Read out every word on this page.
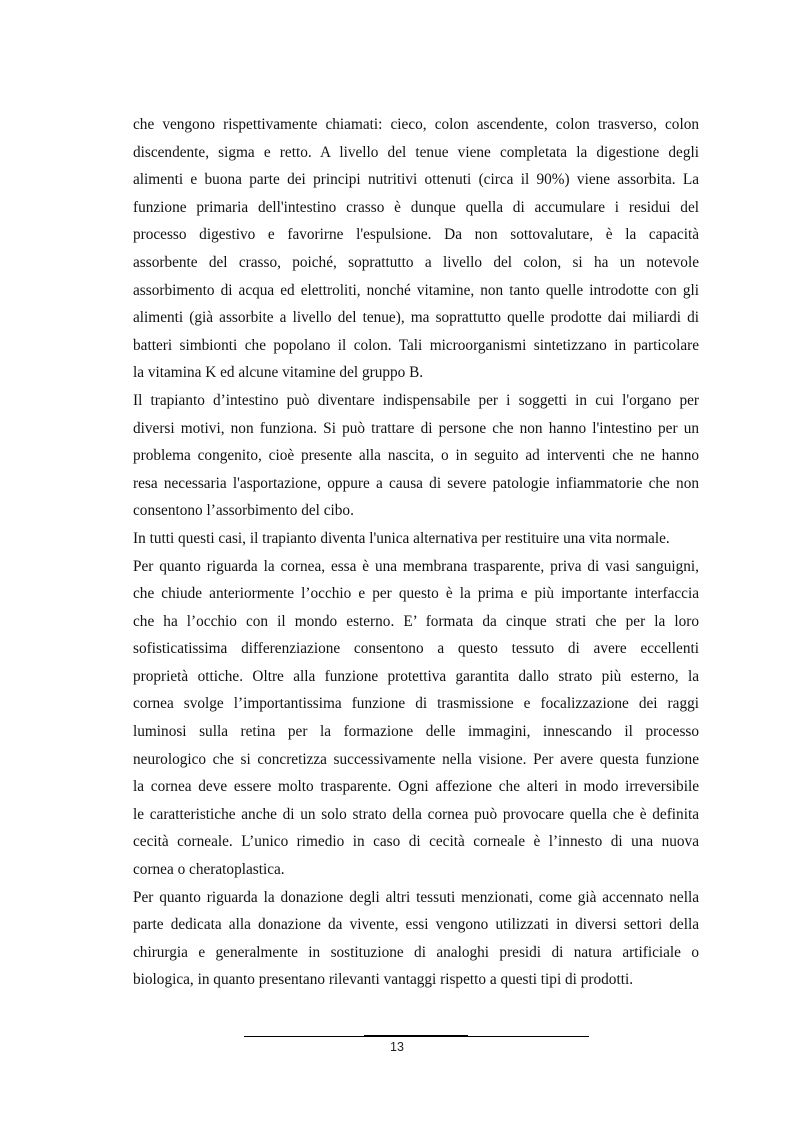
che vengono rispettivamente chiamati: cieco, colon ascendente, colon trasverso, colon
discendente, sigma e retto. A livello del tenue viene completata la digestione degli
alimenti e buona parte dei principi nutritivi ottenuti (circa il 90%) viene assorbita. La
funzione primaria dell'intestino crasso è dunque quella di accumulare i residui del
processo digestivo e favorirne l'espulsione. Da non sottovalutare, è la capacità
assorbente del crasso, poiché, soprattutto a livello del colon, si ha un notevole
assorbimento di acqua ed elettroliti, nonché vitamine, non tanto quelle introdotte con gli
alimenti (già assorbite a livello del tenue), ma soprattutto quelle prodotte dai miliardi di
batteri simbionti che popolano il colon. Tali microorganismi sintetizzano in particolare
la vitamina K ed alcune vitamine del gruppo B.
Il trapianto d’intestino può diventare indispensabile per i soggetti in cui l'organo per
diversi motivi, non funziona. Si può trattare di persone che non hanno l'intestino per un
problema congenito, cioè presente alla nascita, o in seguito ad interventi che ne hanno
resa necessaria l'asportazione, oppure a causa di severe patologie infiammatorie che non
consentono l’assorbimento del cibo.
In tutti questi casi, il trapianto diventa l'unica alternativa per restituire una vita normale.
Per quanto riguarda la cornea, essa è una membrana trasparente, priva di vasi sanguigni,
che chiude anteriormente l’occhio e per questo è la prima e più importante interfaccia
che ha l’occhio con il mondo esterno. E’ formata da cinque strati che per la loro
sofisticatissima differenziazione consentono a questo tessuto di avere eccellenti
proprietà ottiche. Oltre alla funzione protettiva garantita dallo strato più esterno, la
cornea svolge l’importantissima funzione di trasmissione e focalizzazione dei raggi
luminosi sulla retina per la formazione delle immagini, innescando il processo
neurologico che si concretizza successivamente nella visione. Per avere questa funzione
la cornea deve essere molto trasparente. Ogni affezione che alteri in modo irreversibile
le caratteristiche anche di un solo strato della cornea può provocare quella che è definita
cecità corneale. L’unico rimedio in caso di cecità corneale è l’innesto di una nuova
cornea o cheratoplastica.
Per quanto riguarda la donazione degli altri tessuti menzionati, come già accennato nella
parte dedicata alla donazione da vivente, essi vengono utilizzati in diversi settori della
chirurgia e generalmente in sostituzione di analoghi presidi di natura artificiale o
biologica, in quanto presentano rilevanti vantaggi rispetto a questi tipi di prodotti.
13
